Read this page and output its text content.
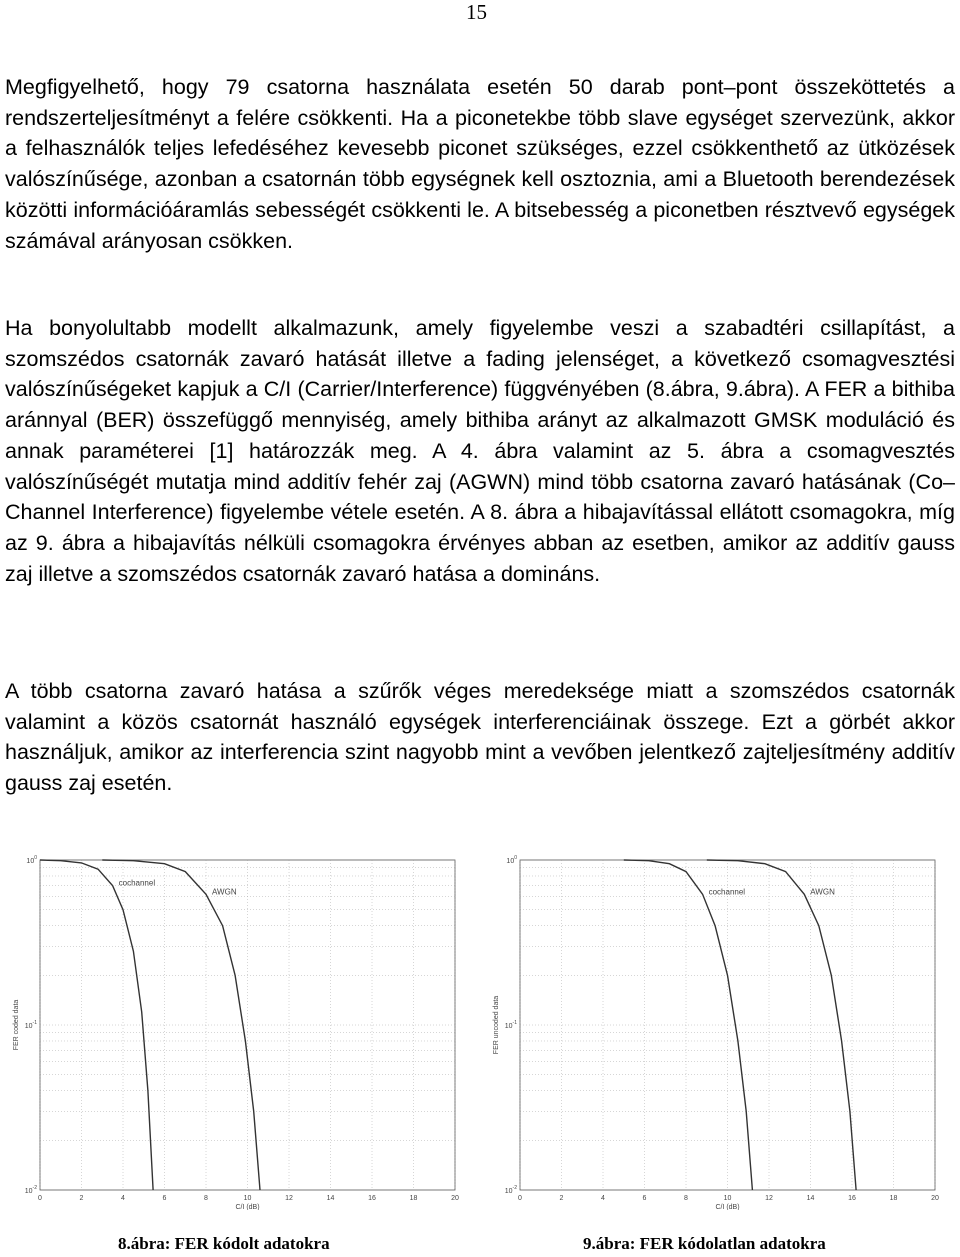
15

Megfigyelhető, hogy 79 csatorna használata esetén 50 darab pont–pont összeköttetés a rendszerteljesítményt a felére csökkenti. Ha a piconetekbe több slave egységet szervezünk, akkor a felhasználók teljes lefedéséhez kevesebb piconet szükséges, ezzel csökkenthető az ütközések valószínűsége, azonban a csatornán több egységnek kell osztoznia, ami a Bluetooth berendezések közötti információáramlás sebességét csökkenti le. A bitsebesség a piconetben résztvevő egységek számával arányosan csökken.

Ha bonyolultabb modellt alkalmazunk, amely figyelembe veszi a szabadtéri csillapítást, a szomszédos csatornák zavaró hatását illetve a fading jelenséget, a következő csomagvesztési valószínűségeket kapjuk a C/I (Carrier/Interference) függvényében (8.ábra, 9.ábra). A FER a bithiba aránnyal (BER) összefüggő mennyiség, amely bithiba arányt az alkalmazott GMSK moduláció és annak paraméterei [1] határozzák meg. A 4. ábra valamint az 5. ábra a csomagvesztés valószínűségét mutatja mind additív fehér zaj (AGWN) mind több csatorna zavaró hatásának (Co–Channel Interference) figyelembe vétele esetén. A 8. ábra a hibajavítással ellátott csomagokra, míg az 9. ábra a hibajavítás nélküli csomagokra érvényes abban az esetben, amikor az additív gauss zaj illetve a szomszédos csatornák zavaró hatása a domináns.

A több csatorna zavaró hatása a szűrők véges meredeksége miatt a szomszédos csatornák valamint a közös csatornát használó egységek interferenciáinak összege. Ezt a görbét akkor használjuk, amikor az interferencia szint nagyobb mint a vevőben jelentkező zajteljesítmény additív gauss zaj esetén.

0	2	4	6	8	10	12	14	16	18	20
$10^0$
$10^{-1}$
$10^{-2}$
C/I (dB)
FER coded data
cochannel
AWGN
0	2	4	6	8	10	12	14	16	18	20
$10^0$
$10^{-1}$
$10^{-2}$
C/I (dB)
FER uncoded data
cochannel	AWGN
8.ábra: FER kódolt adatokra	9.ábra: FER kódolatlan adatokra
